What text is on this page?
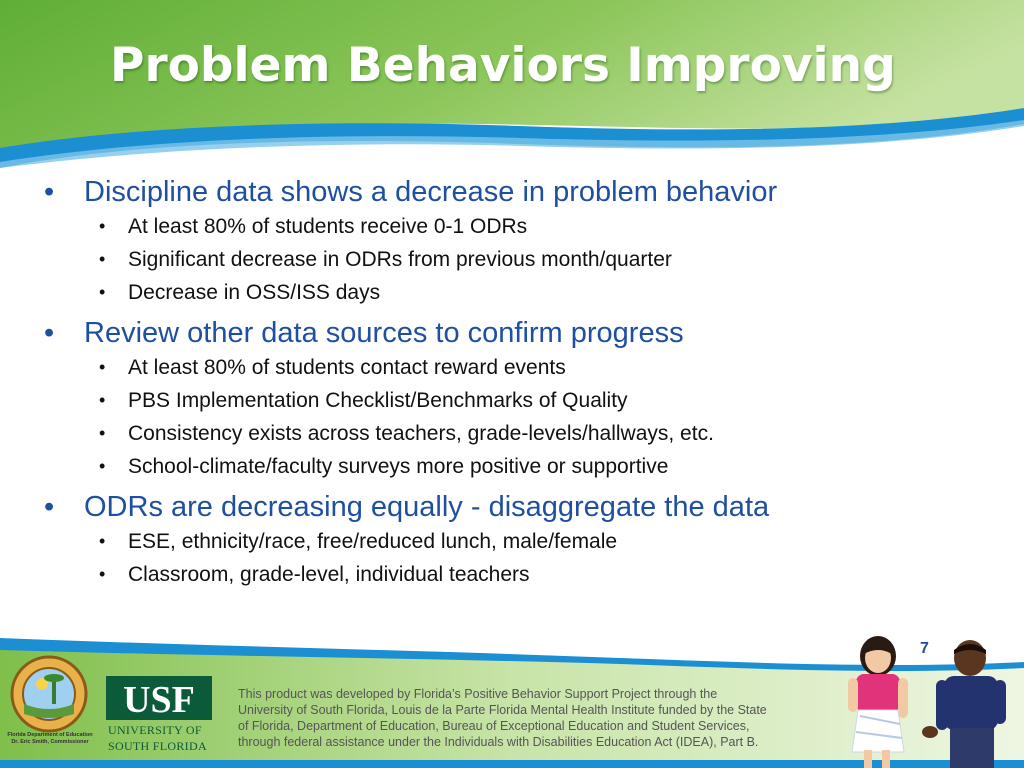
Problem Behaviors Improving
• Discipline data shows a decrease in problem behavior
• At least 80% of students receive 0-1 ODRs
• Significant decrease in ODRs from previous month/quarter
• Decrease in OSS/ISS days
• Review other data sources to confirm progress
• At least 80% of students contact reward events
• PBS Implementation Checklist/Benchmarks of Quality
• Consistency exists across teachers, grade-levels/hallways, etc.
• School-climate/faculty surveys more positive or supportive
• ODRs are decreasing equally - disaggregate the data
• ESE, ethnicity/race, free/reduced lunch, male/female
• Classroom, grade-level, individual teachers
7
Florida Department of Education
Dr. Eric Smith, Commissioner
USF
UNIVERSITY OF
SOUTH FLORIDA
This product was developed by Florida’s Positive Behavior Support Project through the
University of South Florida, Louis de la Parte Florida Mental Health Institute funded by the State
of Florida, Department of Education, Bureau of Exceptional Education and Student Services,
through federal assistance under the Individuals with Disabilities Education Act (IDEA), Part B.
